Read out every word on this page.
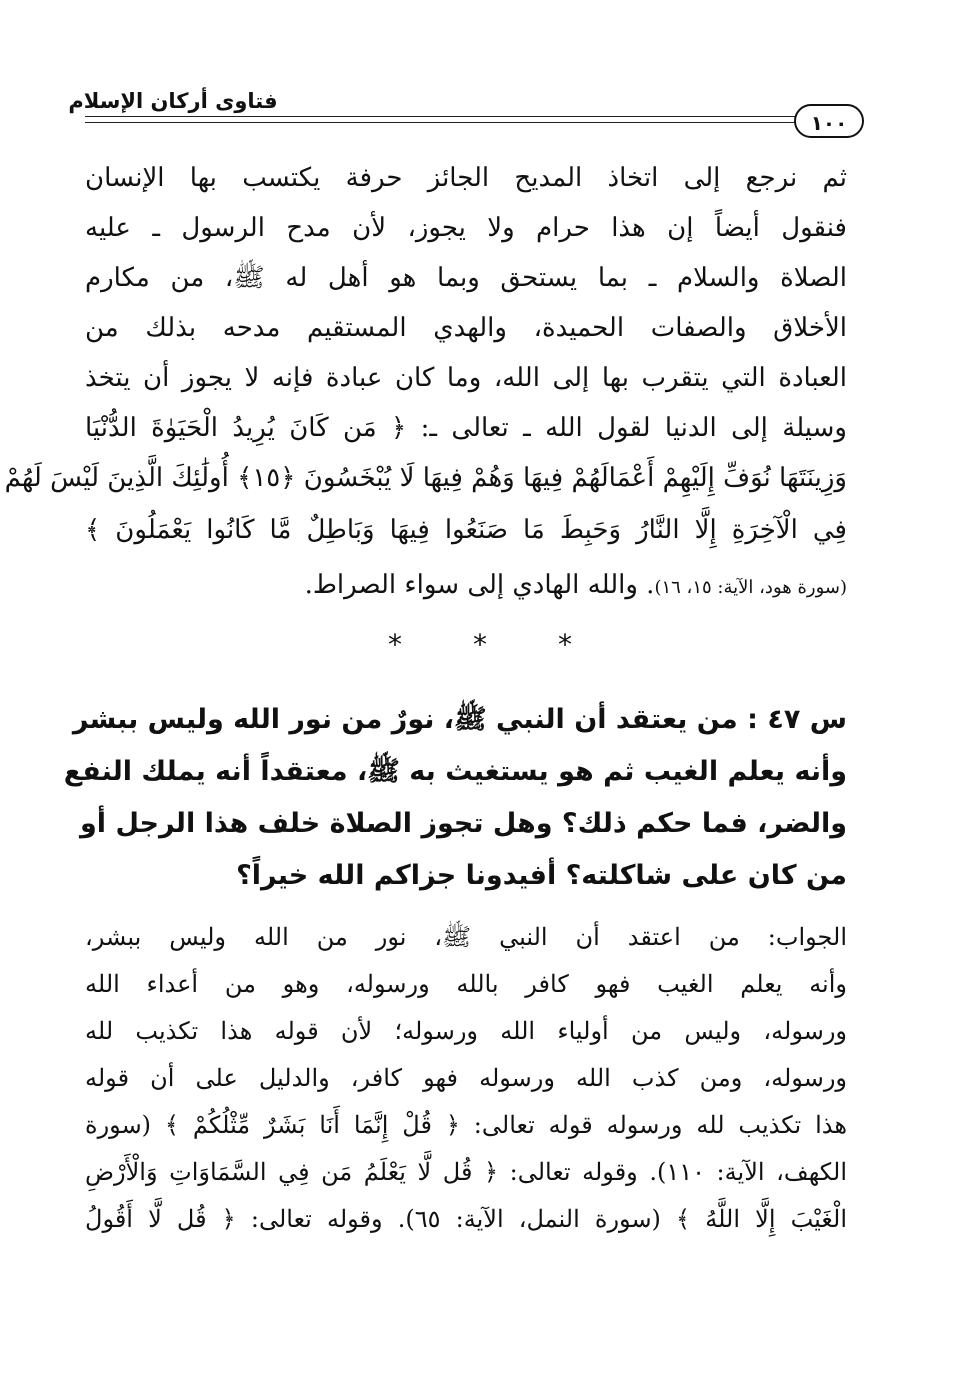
فتاوى أركان الإسلام
١٠٠
ثم نرجع إلى اتخاذ المديح الجائز حرفة يكتسب بها الإنسان
فنقول أيضاً إن هذا حرام ولا يجوز، لأن مدح الرسول ـ عليه
الصلاة والسلام ـ بما يستحق وبما هو أهل له ﷺ، من مكارم
الأخلاق والصفات الحميدة، والهدي المستقيم مدحه بذلك من
العبادة التي يتقرب بها إلى الله، وما كان عبادة فإنه لا يجوز أن يتخذ
وسيلة إلى الدنيا لقول الله ـ تعالى ـ: ﴿ مَن كَانَ يُرِيدُ الْحَيَوٰةَ الدُّنْيَا
وَزِينَتَهَا نُوَفِّ إِلَيْهِمْ أَعْمَالَهُمْ فِيهَا وَهُمْ فِيهَا لَا يُبْخَسُونَ ﴿١٥﴾ أُولَٰئِكَ الَّذِينَ لَيْسَ لَهُمْ
فِي الْآخِرَةِ إِلَّا النَّارُ وَحَبِطَ مَا صَنَعُوا فِيهَا وَبَاطِلٌ مَّا كَانُوا يَعْمَلُونَ ﴾
(سورة هود، الآية: ١٥، ١٦). والله الهادي إلى سواء الصراط.
*	*	*
س ٤٧ : من يعتقد أن النبي ﷺ، نورٌ من نور الله وليس ببشر
وأنه يعلم الغيب ثم هو يستغيث به ﷺ، معتقداً أنه يملك النفع
والضر، فما حكم ذلك؟ وهل تجوز الصلاة خلف هذا الرجل أو
من كان على شاكلته؟ أفيدونا جزاكم الله خيراً؟
الجواب: من اعتقد أن النبي ﷺ، نور من الله وليس ببشر،
وأنه يعلم الغيب فهو كافر بالله ورسوله، وهو من أعداء الله
ورسوله، وليس من أولياء الله ورسوله؛ لأن قوله هذا تكذيب لله
ورسوله، ومن كذب الله ورسوله فهو كافر، والدليل على أن قوله
هذا تكذيب لله ورسوله قوله تعالى: ﴿ قُلْ إِنَّمَا أَنَا بَشَرٌ مِّثْلُكُمْ ﴾ (سورة
الكهف، الآية: ١١٠). وقوله تعالى: ﴿ قُل لَّا يَعْلَمُ مَن فِي السَّمَاوَاتِ وَالْأَرْضِ
الْغَيْبَ إِلَّا اللَّهُ ﴾ (سورة النمل، الآية: ٦٥). وقوله تعالى: ﴿ قُل لَّا أَقُولُ
